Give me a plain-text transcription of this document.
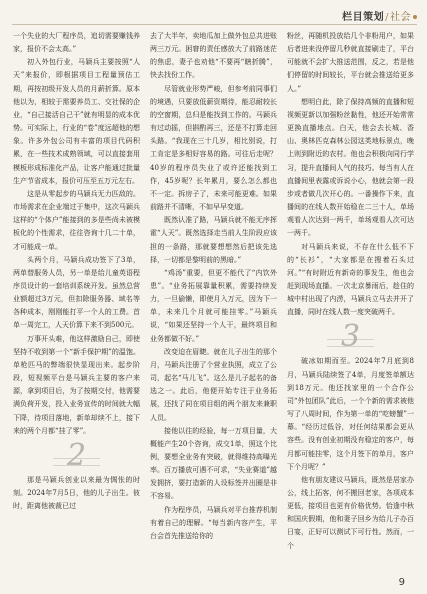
栏目策划/社会

一个失业的大厂程序员，追切需要赚钱养家，报价不会太高。”

初入外包行业，马颖兵主要按照“人天”来报价，即根据项目工程量预估工期，再按初级开发人员的月薪折算。原本他以为，相较于需要养员工、交社保的企业，“自己接活自己干”就有明显的成本优势。可实际上，行业的“卷”度远超他的想象。许多外包公司有丰富的项目代码积累，在一些技术成熟领域，可以直接套用模板形成标准化产品，让客户能通过批量生产节省成本，报价可压至五万元左右。

这是从零起步的马颖兵无力匹敌的。市场需求在企业端过于集中，这次马颖兵这样的“个体户”能接到的多是些尚未被模板化的个性需求，往往咨询十几二十单，才可能成一单。

头两个月，马颖兵成功签下了3单，两单替服务人员，另一单是给儿童英语程序员设计的一套培训系统开发。虽然总营业额超过3万元，但扣除服务器、域名等各种成本，刚刚能打平一个人的工费。首单一周完工，人天价算下来不到500元。

万事开头难，他这样激励自己，即使坚持不收到第一个“新手保护期”的温饱。单枪匹马的弊端很快显现出来。起步阶段，短视频平台是马颖兵主要的客户来源，拿到项目后，为了按期交付，他需要满负荷开发，投入业务宣传的时间就大幅下降，待项目落地，新单却续不上，接下来的两个月都“挂了零”。

2

那是马颖兵创业以来最为惆怅的时刻。2024年7月5日，他的儿子出生。彼时，距离他被裁已过

去了大半年，卖地瓜加上做外包总共进账两三万元。困窘的责任感放大了前路迷茫的焦虑，妻子也劝他“不要再“瞎折腾”，快去找份工作。

尽管就业形势严峻，但参考前同事们的境遇，只要放低薪资期待，能忍耐较长的空窗期，总归是能找到工作的。马颖兵有过动摇，但斟酌再三，还是不打算走回头路。“我现在三十几岁，相比别说，打工肯定是多相好容易的路。可往后走呢？40岁的程序员失业了或许还能找到工作，45岁呢？长年累月，要么怎么都也不一定。拆房子了，未来可能更难。如果前路并不清晰，不如早早变道。

既然认准了路，马颖兵就不能无序挥霍“人天”。既然选择走当前人生阶段应该担的一条路，那就要想想然后把该先选择，一切都是黎明前的黑暗。”

“鸡汤”重要，但更不能代了“内饮外患”。“业务拓展靠量积累，需要持续发力，一旦偷懒，即使月入万元，因为下一单，未来几个月就可能挂零。”马颖兵说，“如果还坚持一个人干，最终项目和业务都做不好。”

改变迫在眉睫。就在儿子出生的那个月，马颖兵注册了个营业执照，成立了公司，起名“马儿飞”。这么是儿子起名的备选之一。此后，他便开始专注于业务拓展，还找了同在项目组的两个朋友来兼职人员。

接他以往的经验，每一万项目量，大概能产生20个咨询，成交1单，照这个比例，要想全业务有突破，就得维持高曝光率。百万播放可遇不可求，“失业赛道”越发拥挤，要打造新的人设标签并出圈是非不容易。

作为程序员，马颖兵对平台推荐机制有着自己的理解。“每当新内容产生，平台会首先推送给你的

粉丝，再随机投放给几个非粉用户，如果后者进来没停留几秒就直接刷走了，平台可能就不会扩大推送范围，反之，若是他们停留的时间较长，平台就会推送给更多人。”

想明白此，除了保持高频的直播和短视频更新以加强粉丝黏性，他还开始常常更换直播地点。白天，他会去长城、香山、奥林匹克森林公园这类地标景点，晚上则到附近的农村。他也会积极向同行学习，提升直播间人气的技巧。每当有人在直播间里表露或诉说小心，他就会第一段步或者做几次开心的。一番操作下来，直播间的在线人数开始稳在二三十人，单场观看人次达到一两千，单场观看人次可达一两千。

对马颖兵来说，不存在什么低不下的“长衫”，“大家都是在搜着石头过河。”“有时附近有新奇的事发生，他也会赶到现场直播。一次北京暴雨后，趁住的城中村出现了内涝，马颖兵立马去并开了直播，同时在线人数一度突破两千。

3

破冰如期而至。2024年7月底到8月，马颖兵陆续签了4单，月度签单额达到18万元。他还找家里的一个合作公司“外包团队”此后，一个个新的需求被他写了八周时间，作为第一单的“吃螃蟹”一幕。“经历过低谷，对任何结果都会更从容些。没有创业初期没有稳定的客户，每月都可能挂零，这个月签下的单月，客户下个月呢？”

他有朋友建议马颖兵，既然是居家办公，线上拓客，何不搬回老家，各项成本更低，接项目也更有价格优势。恰逢中秋和国庆假期，他和妻子回乡为给儿子办百日宴，正好可以测试下可行性。然而，一个

9
